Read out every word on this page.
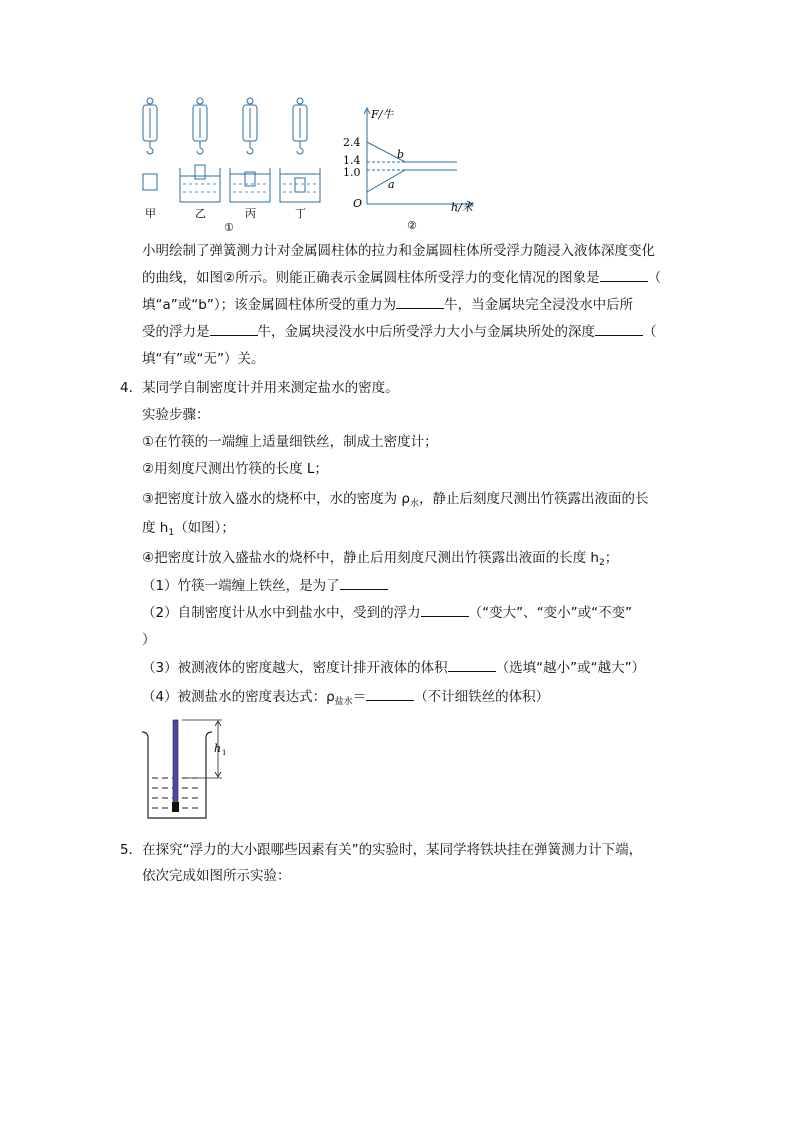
甲	乙	丙	丁
①
F/牛
2.4
1.4
1.0
O
b
a
h/米
②
小明绘制了弹簧测力计对金属圆柱体的拉力和金属圆柱体所受浮力随浸入液体深度变化
的曲线，如图②所示。则能正确表示金属圆柱体所受浮力的变化情况的图象是	（
填“a”或“b”）；该金属圆柱体所受的重力为	牛，当金属块完全浸没水中后所
受的浮力是	牛，金属块浸没水中后所受浮力大小与金属块所处的深度	（
填“有”或“无”）关。
4．某同学自制密度计并用来测定盐水的密度。
实验步骤：
①在竹筷的一端缠上适量细铁丝，制成土密度计；
②用刻度尺测出竹筷的长度 L；
③把密度计放入盛水的烧杯中，水的密度为 $\rho_水$，静止后刻度尺测出竹筷露出液面的长
度 $h_1$（如图）；
④把密度计放入盛盐水的烧杯中，静止后用刻度尺测出竹筷露出液面的长度 $h_2$；
（1）竹筷一端缠上铁丝，是为了
（2）自制密度计从水中到盐水中，受到的浮力	（“变大”、“变小”或“不变”
）
（3）被测液体的密度越大，密度计排开液体的体积	（选填“越小”或“越大”）
（4）被测盐水的密度表达式：$\rho_{盐水}=$	（不计细铁丝的体积）
h 1
5．在探究“浮力的大小跟哪些因素有关”的实验时，某同学将铁块挂在弹簧测力计下端，
依次完成如图所示实验：
